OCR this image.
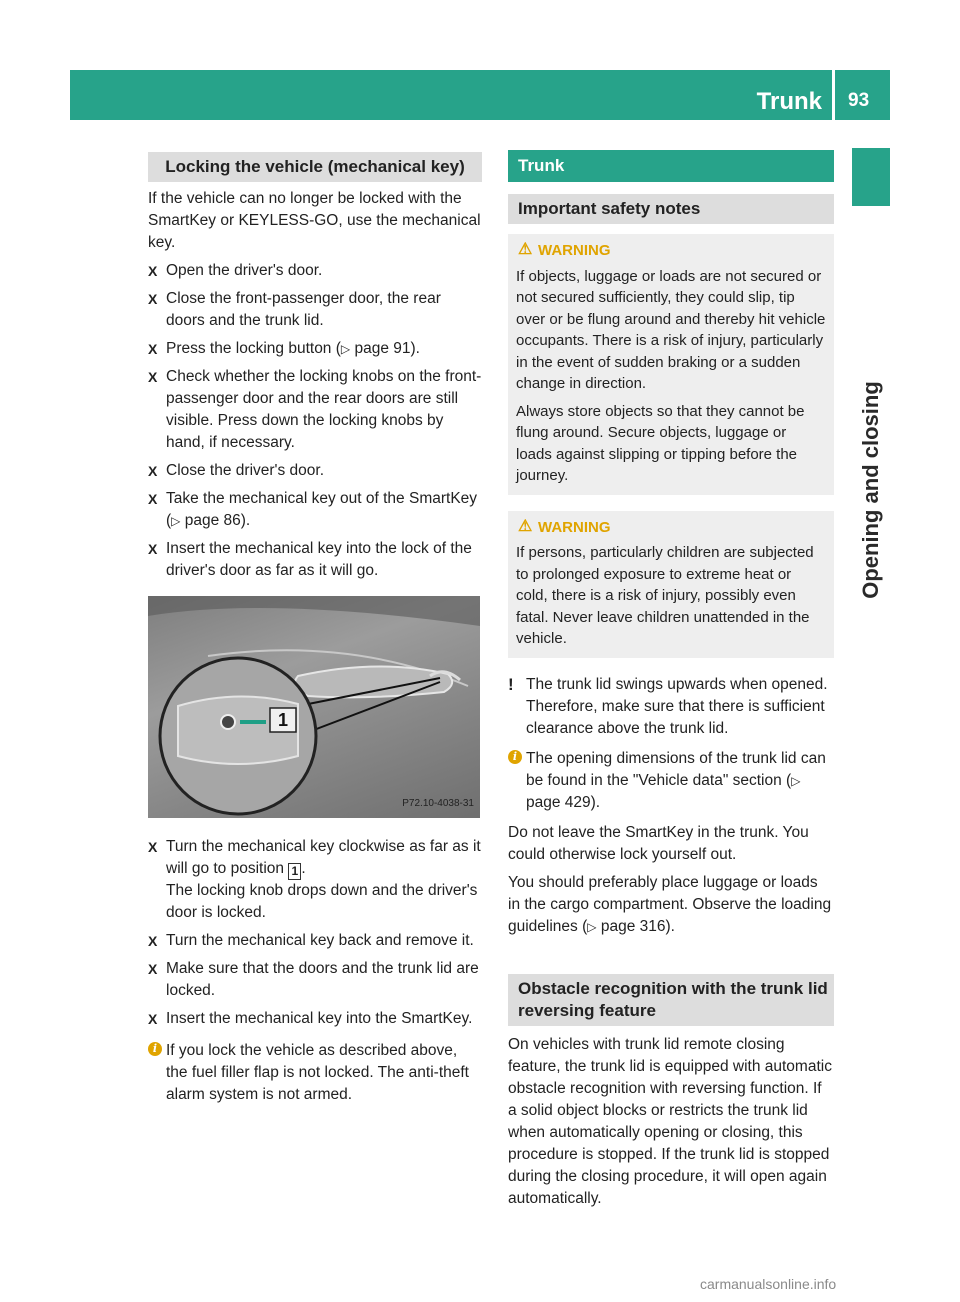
Trunk 93
Opening and closing
Locking the vehicle (mechanical key)

If the vehicle can no longer be locked with the SmartKey or KEYLESS-GO, use the mechanical key.

X Open the driver's door.
X Close the front-passenger door, the rear doors and the trunk lid.
X Press the locking button (▷ page 91).
X Check whether the locking knobs on the front-passenger door and the rear doors are still visible. Press down the locking knobs by hand, if necessary.
X Close the driver's door.
X Take the mechanical key out of the SmartKey (▷ page 86).
X Insert the mechanical key into the lock of the driver's door as far as it will go.
1
P72.10-4038-31
X Turn the mechanical key clockwise as far as it will go to position 1 .
The locking knob drops down and the driver's door is locked.
X Turn the mechanical key back and remove it.
X Make sure that the doors and the trunk lid are locked.
X Insert the mechanical key into the SmartKey.
i If you lock the vehicle as described above, the fuel filler flap is not locked. The anti-theft alarm system is not armed.
Trunk
Important safety notes
⚠ WARNING

If objects, luggage or loads are not secured or not secured sufficiently, they could slip, tip over or be flung around and thereby hit vehicle occupants. There is a risk of injury, particularly in the event of sudden braking or a sudden change in direction.

Always store objects so that they cannot be flung around. Secure objects, luggage or loads against slipping or tipping before the journey.

⚠ WARNING

If persons, particularly children are subjected to prolonged exposure to extreme heat or cold, there is a risk of injury, possibly even fatal. Never leave children unattended in the vehicle.

! The trunk lid swings upwards when opened. Therefore, make sure that there is sufficient clearance above the trunk lid.
i The opening dimensions of the trunk lid can be found in the "Vehicle data" section (▷ page 429).

Do not leave the SmartKey in the trunk. You could otherwise lock yourself out.

You should preferably place luggage or loads in the cargo compartment. Observe the loading guidelines (▷ page 316).

Obstacle recognition with the trunk lid reversing feature

On vehicles with trunk lid remote closing feature, the trunk lid is equipped with automatic obstacle recognition with reversing function. If a solid object blocks or restricts the trunk lid when automatically opening or closing, this procedure is stopped. If the trunk lid is stopped during the closing procedure, it will open again automatically.

carmanualsonline.info
